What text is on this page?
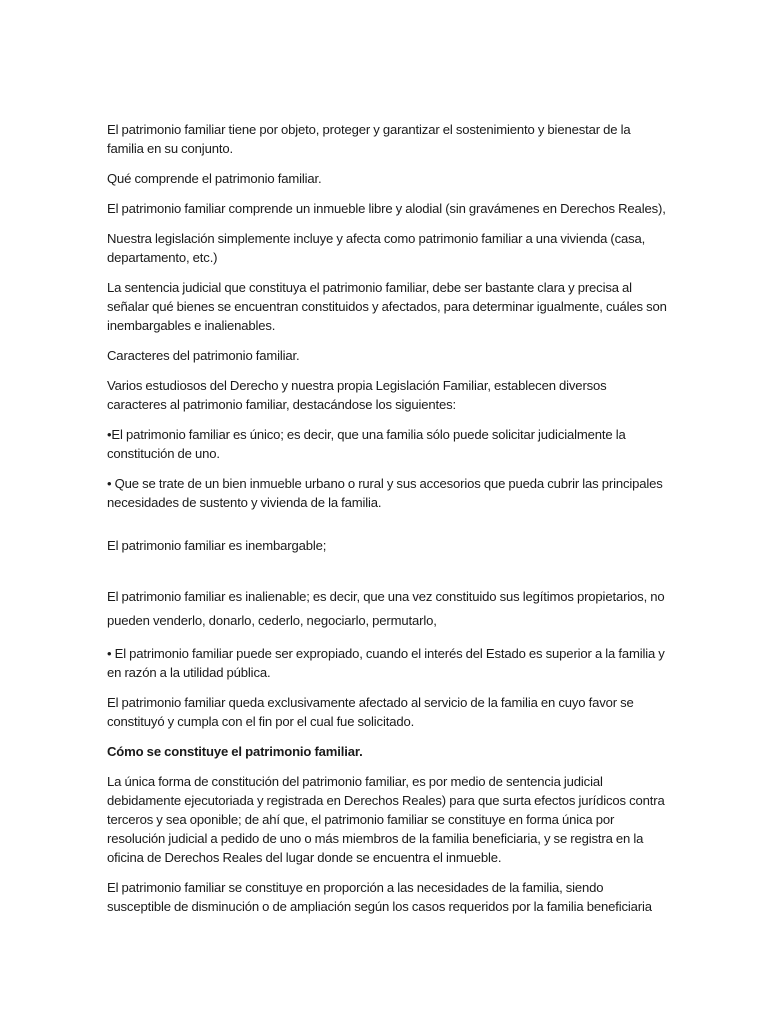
El patrimonio familiar tiene por objeto, proteger y garantizar el sostenimiento y bienestar de la familia en su conjunto.

Qué comprende el patrimonio familiar.

El patrimonio familiar comprende un inmueble libre y alodial (sin gravámenes en Derechos Reales),

Nuestra legislación simplemente incluye y afecta como patrimonio familiar a una vivienda (casa, departamento, etc.)

La sentencia judicial que constituya el patrimonio familiar, debe ser bastante clara y precisa al señalar qué bienes se encuentran constituidos y afectados, para determinar igualmente, cuáles son inembargables e inalienables.

Caracteres del patrimonio familiar.

Varios estudiosos del Derecho y nuestra propia Legislación Familiar, establecen diversos caracteres al patrimonio familiar, destacándose los siguientes:

•El patrimonio familiar es único; es decir, que una familia sólo puede solicitar judicialmente la constitución de uno.

• Que se trate de un bien inmueble urbano o rural y sus accesorios que pueda cubrir las principales necesidades de sustento y vivienda de la familia.

El patrimonio familiar es inembargable;

El patrimonio familiar es inalienable; es decir, que una vez constituido sus legítimos propietarios, no pueden venderlo, donarlo, cederlo, negociarlo, permutarlo,

• El patrimonio familiar puede ser expropiado, cuando el interés del Estado es superior a la familia y en razón a la utilidad pública.

El patrimonio familiar queda exclusivamente afectado al servicio de la familia en cuyo favor se constituyó y cumpla con el fin por el cual fue solicitado.

Cómo se constituye el patrimonio familiar.

La única forma de constitución del patrimonio familiar, es por medio de sentencia judicial debidamente ejecutoriada y registrada en Derechos Reales) para que surta efectos jurídicos contra terceros y sea oponible; de ahí que, el patrimonio familiar se constituye en forma única por resolución judicial a pedido de uno o más miembros de la familia beneficiaria, y se registra en la oficina de Derechos Reales del lugar donde se encuentra el inmueble.

El patrimonio familiar se constituye en proporción a las necesidades de la familia, siendo susceptible de disminución o de ampliación según los casos requeridos por la familia beneficiaria
